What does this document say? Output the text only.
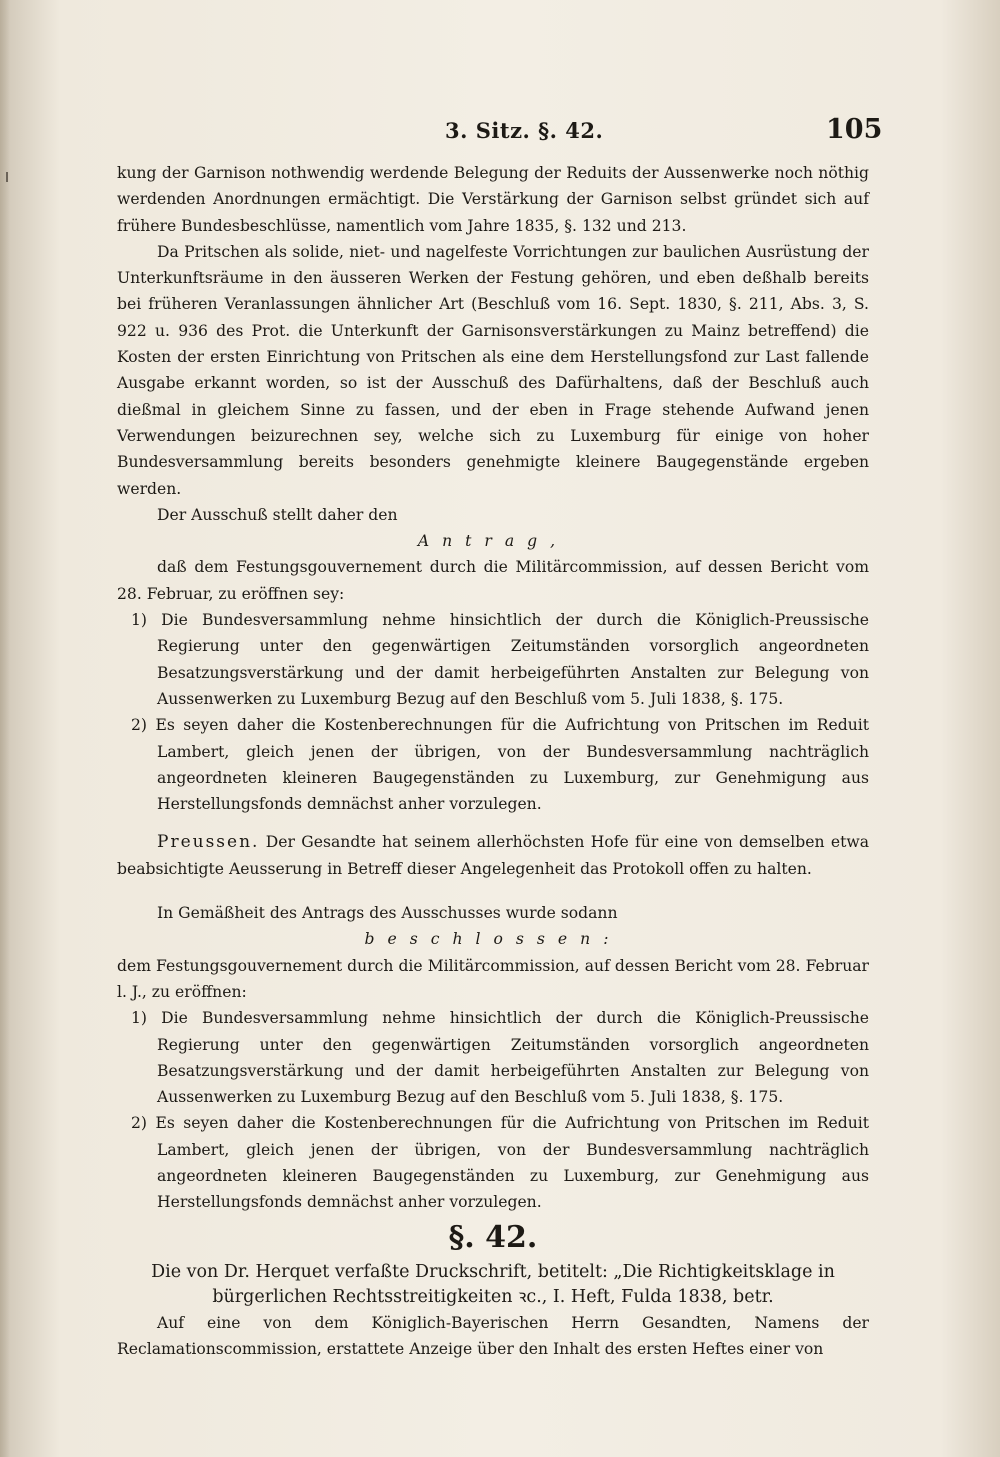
3. Sitz. §. 42.	105

kung der Garnison nothwendig werdende Belegung der Reduits der Aussenwerke noch nöthig werdenden Anordnungen ermächtigt. Die Verstärkung der Garnison selbst gründet sich auf frühere Bundesbeschlüsse, namentlich vom Jahre 1835, §. 132 und 213.

Da Pritschen als solide, niet- und nagelfeste Vorrichtungen zur baulichen Ausrüstung der Unterkunftsräume in den äusseren Werken der Festung gehören, und eben deßhalb bereits bei früheren Veranlassungen ähnlicher Art (Beschluß vom 16. Sept. 1830, §. 211, Abs. 3, S. 922 u. 936 des Prot. die Unterkunft der Garnisonsverstärkungen zu Mainz betreffend) die Kosten der ersten Einrichtung von Pritschen als eine dem Herstellungsfond zur Last fallende Ausgabe erkannt worden, so ist der Ausschuß des Dafürhaltens, daß der Beschluß auch dießmal in gleichem Sinne zu fassen, und der eben in Frage stehende Aufwand jenen Verwendungen beizurechnen sey, welche sich zu Luxemburg für einige von hoher Bundesversammlung bereits besonders genehmigte kleinere Baugegenstände ergeben werden.

Der Ausschuß stellt daher den

Antrag,

daß dem Festungsgouvernement durch die Militärcommission, auf dessen Bericht vom 28. Februar, zu eröffnen sey:

1) Die Bundesversammlung nehme hinsichtlich der durch die Königlich-Preussische Regierung unter den gegenwärtigen Zeitumständen vorsorglich angeordneten Besatzungsverstärkung und der damit herbeigeführten Anstalten zur Belegung von Aussenwerken zu Luxemburg Bezug auf den Beschluß vom 5. Juli 1838, §. 175.

2) Es seyen daher die Kostenberechnungen für die Aufrichtung von Pritschen im Reduit Lambert, gleich jenen der übrigen, von der Bundesversammlung nachträglich angeordneten kleineren Baugegenständen zu Luxemburg, zur Genehmigung aus Herstellungsfonds demnächst anher vorzulegen.

Preussen. Der Gesandte hat seinem allerhöchsten Hofe für eine von demselben etwa beabsichtigte Aeusserung in Betreff dieser Angelegenheit das Protokoll offen zu halten.

In Gemäßheit des Antrags des Ausschusses wurde sodann

beschlossen:

dem Festungsgouvernement durch die Militärcommission, auf dessen Bericht vom 28. Februar l. J., zu eröffnen:

1) Die Bundesversammlung nehme hinsichtlich der durch die Königlich-Preussische Regierung unter den gegenwärtigen Zeitumständen vorsorglich angeordneten Besatzungsverstärkung und der damit herbeigeführten Anstalten zur Belegung von Aussenwerken zu Luxemburg Bezug auf den Beschluß vom 5. Juli 1838, §. 175.

2) Es seyen daher die Kostenberechnungen für die Aufrichtung von Pritschen im Reduit Lambert, gleich jenen der übrigen, von der Bundesversammlung nachträglich angeordneten kleineren Baugegenständen zu Luxemburg, zur Genehmigung aus Herstellungsfonds demnächst anher vorzulegen.

§. 42.

Die von Dr. Herquet verfaßte Druckschrift, betitelt: „Die Richtigkeitsklage in bürgerlichen Rechtsstreitigkeiten ꝛc., I. Heft, Fulda 1838, betr.

Auf eine von dem Königlich-Bayerischen Herrn Gesandten, Namens der Reclamationscommission, erstattete Anzeige über den Inhalt des ersten Heftes einer von
